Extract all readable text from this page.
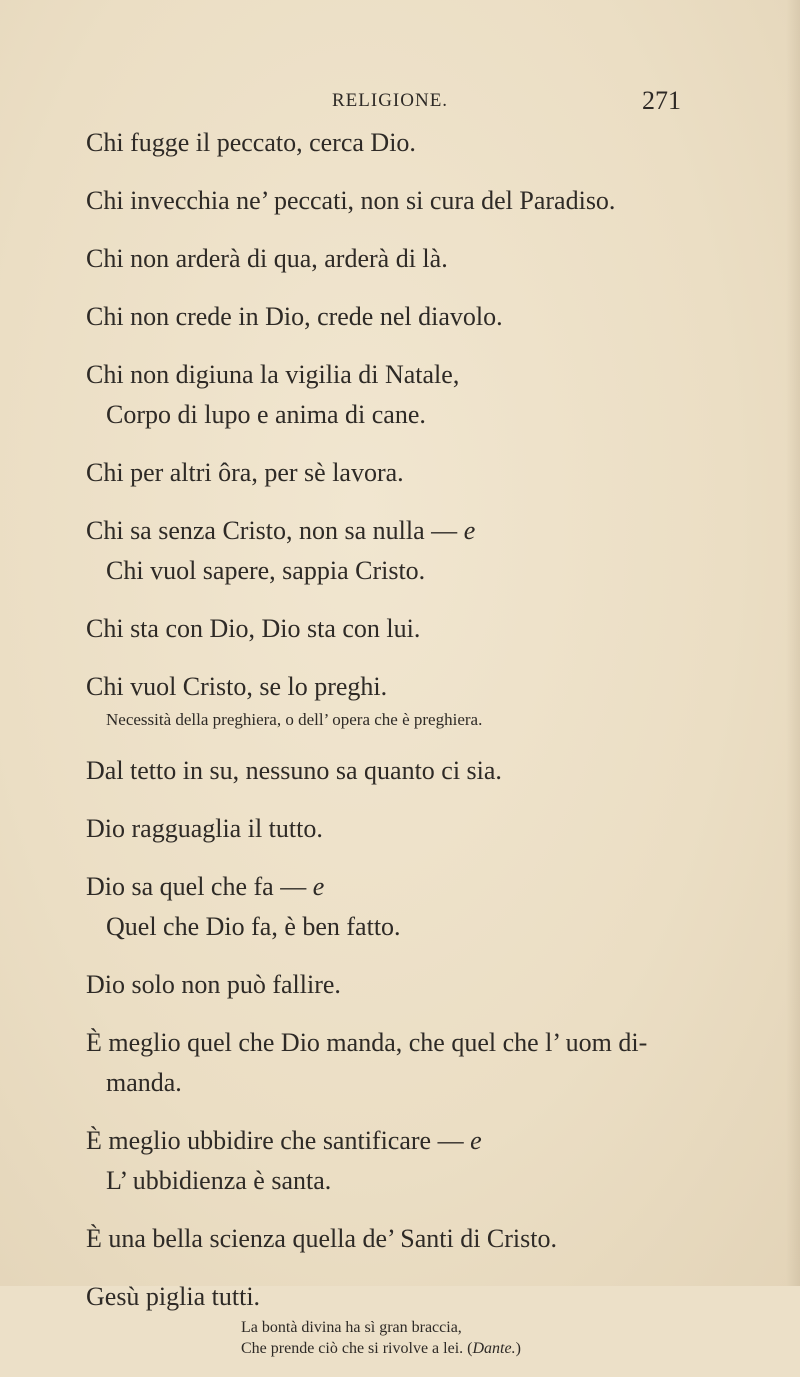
RELIGIONE.	271
Chi fugge il peccato, cerca Dio.
Chi invecchia ne’ peccati, non si cura del Paradiso.
Chi non arderà di qua, arderà di là.
Chi non crede in Dio, crede nel diavolo.
Chi non digiuna la vigilia di Natale,
Corpo di lupo e anima di cane.
Chi per altri ôra, per sè lavora.
Chi sa senza Cristo, non sa nulla — e
Chi vuol sapere, sappia Cristo.
Chi sta con Dio, Dio sta con lui.
Chi vuol Cristo, se lo preghi.
Necessità della preghiera, o dell’ opera che è preghiera.
Dal tetto in su, nessuno sa quanto ci sia.
Dio ragguaglia il tutto.
Dio sa quel che fa — e
Quel che Dio fa, è ben fatto.
Dio solo non può fallire.
È meglio quel che Dio manda, che quel che l’ uom di-
manda.
È meglio ubbidire che santificare — e
L’ ubbidienza è santa.
È una bella scienza quella de’ Santi di Cristo.
Gesù piglia tutti.
La bontà divina ha sì gran braccia,
Che prende ciò che si rivolve a lei. (Dante.)
